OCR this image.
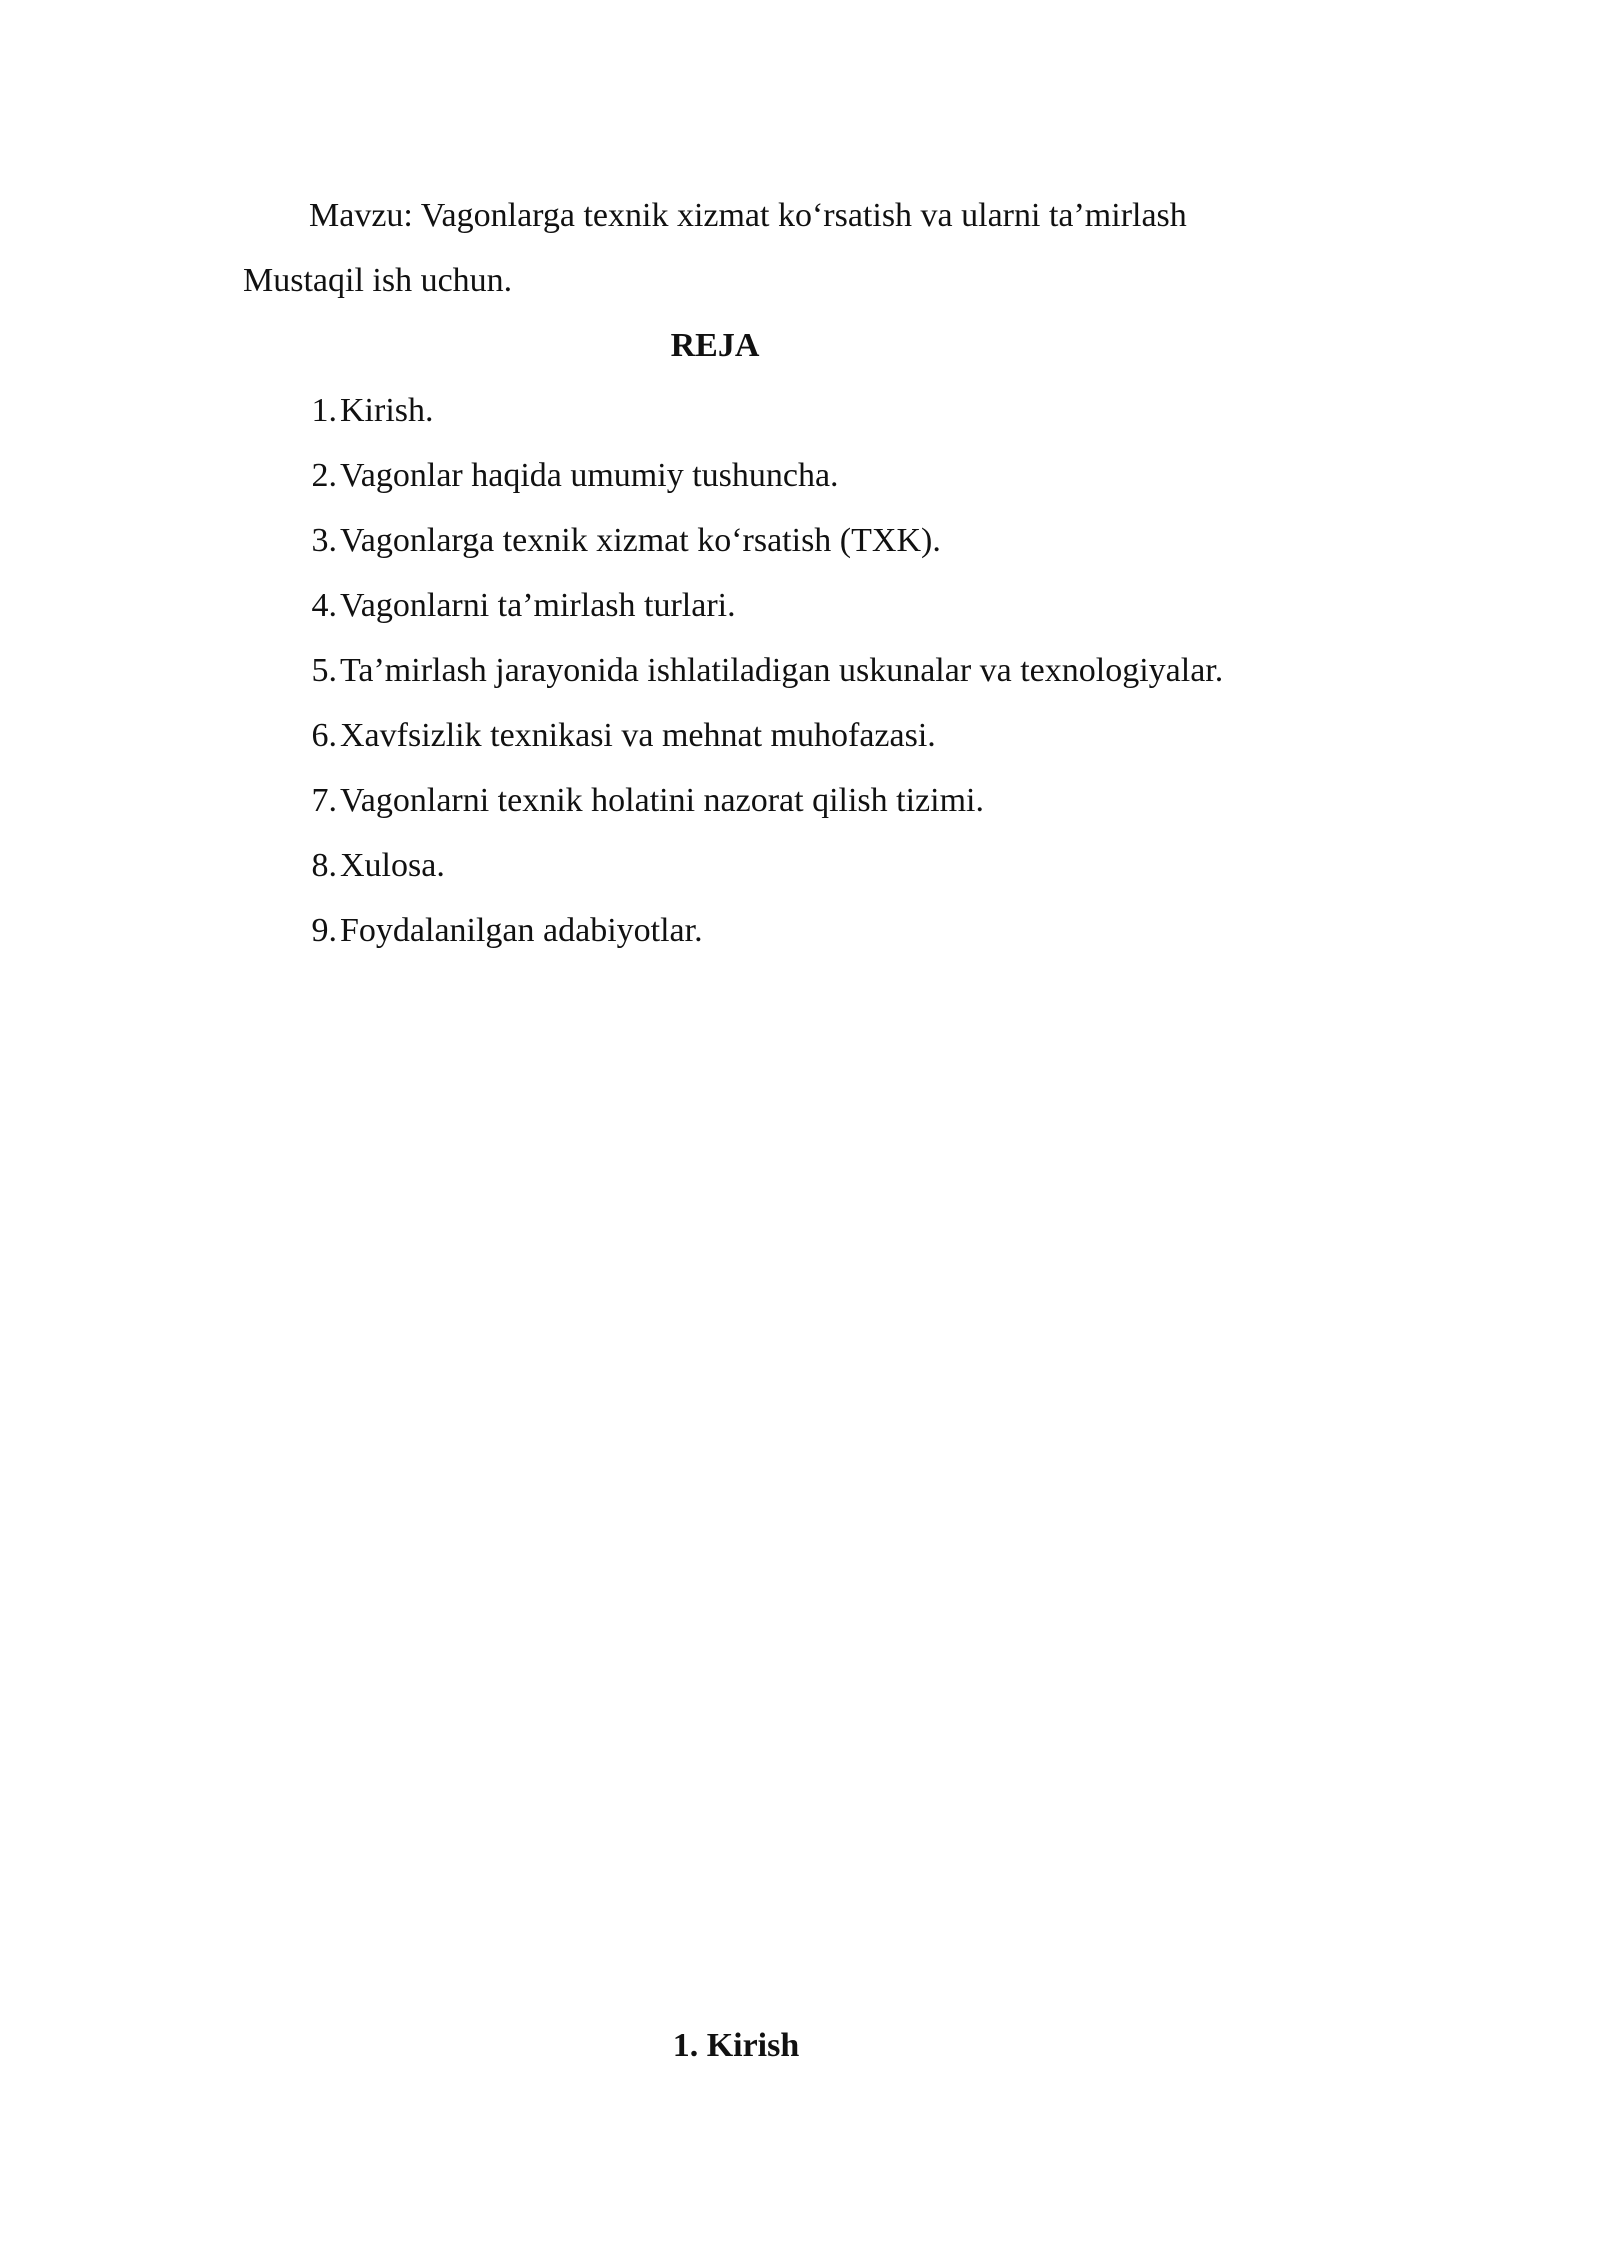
Mavzu: Vagonlarga texnik xizmat ko‘rsatish va ularni ta’mirlash
Mustaqil ish uchun.
REJA
1. Kirish.
2. Vagonlar haqida umumiy tushuncha.
3. Vagonlarga texnik xizmat ko‘rsatish (TXK).
4. Vagonlarni ta’mirlash turlari.
5. Ta’mirlash jarayonida ishlatiladigan uskunalar va texnologiyalar.
6. Xavfsizlik texnikasi va mehnat muhofazasi.
7. Vagonlarni texnik holatini nazorat qilish tizimi.
8. Xulosa.
9. Foydalanilgan adabiyotlar.
1. Kirish
